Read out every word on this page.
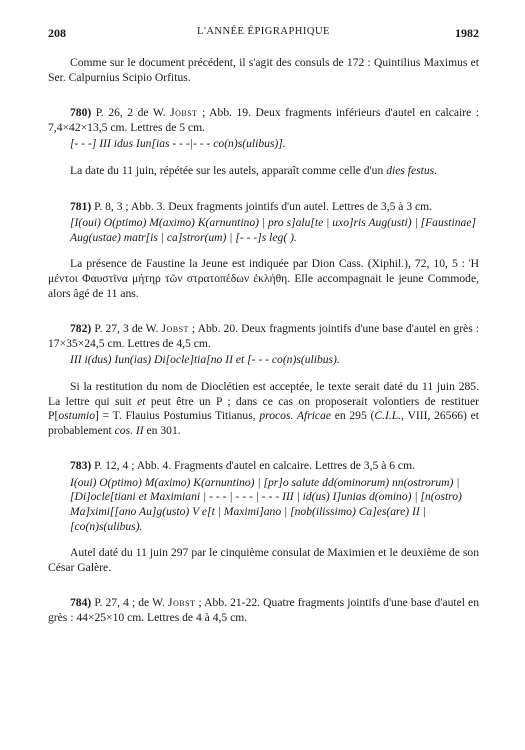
208	L'ANNÉE ÉPIGRAPHIQUE	1982

Comme sur le document précédent, il s'agit des consuls de 172 : Quintilius Maximus et Ser. Calpurnius Scipio Orfitus.

780) P. 26, 2 de W. Jobst ; Abb. 19. Deux fragments inférieurs d'autel en calcaire : 7,4×42×13,5 cm. Lettres de 5 cm.

[- - -] III idus Iun[ias - - -|- - - co(n)s(ulibus)].

La date du 11 juin, répétée sur les autels, apparaît comme celle d'un dies festus.

781) P. 8, 3 ; Abb. 3. Deux fragments jointifs d'un autel. Lettres de 3,5 à 3 cm.

[I(oui) O(ptimo) M(aximo) K(arnuntino) | pro s]alu[te | uxo]ris Aug(usti) | [Faustinae] Aug(ustae) matr[is | ca]stror(um) | [- - -]s leg( ).

La présence de Faustine la Jeune est indiquée par Dion Cass. (Xiphil.), 72, 10, 5 : Ἡ μέντοι Φαυστῖνα μήτηρ τῶν στρατοπέδων ἐκλήθη. Elle accompagnait le jeune Commode, alors âgé de 11 ans.

782) P. 27, 3 de W. Jobst ; Abb. 20. Deux fragments jointifs d'une base d'autel en grès : 17×35×24,5 cm. Lettres de 4,5 cm.

III i(dus) Iun(ias) Di[ocle]tia[no II et [- - - co(n)s(ulibus).

Si la restitution du nom de Dioclétien est acceptée, le texte serait daté du 11 juin 285. La lettre qui suit et peut être un P ; dans ce cas on proposerait volontiers de restituer P[ostumio] = T. Flauius Postumius Titianus, procos. Africae en 295 (C.I.L., VIII, 26566) et probablement cos. II en 301.

783) P. 12, 4 ; Abb. 4. Fragments d'autel en calcaire. Lettres de 3,5 à 6 cm.

I(oui) O(ptimo) M(aximo) K(arnuntino) | [pr]o salute dd(ominorum) nn(ostrorum) | [Di]ocle[tiani et Maximiani | - - - | - - - | - - - III | id(us) I]unias d(omino) | [n(ostro) Ma]ximi[[ano Au]g(usto) V e[t | Maximi]ano | [nob(ilissimo) Ca]es(are) II | [co(n)s(ulibus).

Autel daté du 11 juin 297 par le cinquième consulat de Maximien et le deuxième de son César Galère.

784) P. 27, 4 ; de W. Jobst ; Abb. 21-22. Quatre fragments jointifs d'une base d'autel en grès : 44×25×10 cm. Lettres de 4 à 4,5 cm.
